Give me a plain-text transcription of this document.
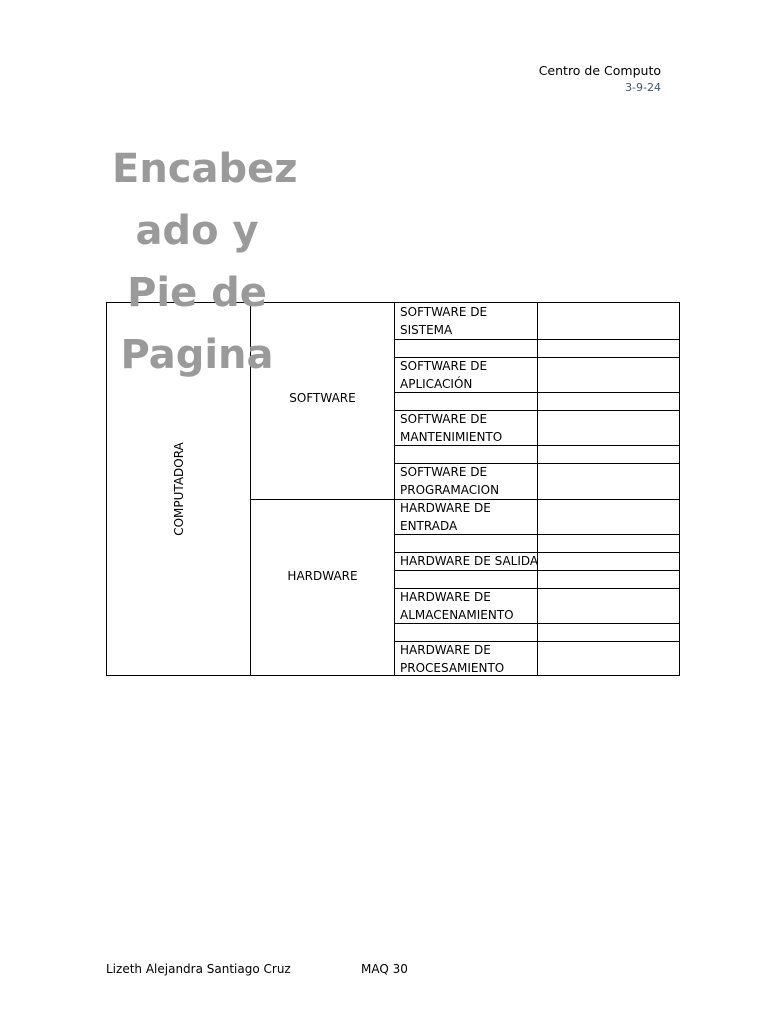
Centro de Computo
3-9-24
Encabez
ado y
Pie de
Pagina
COMPUTADORA
SOFTWARE
HARDWARE
SOFTWARE DE
SISTEMA
SOFTWARE DE
APLICACIÓN
SOFTWARE DE
MANTENIMIENTO
SOFTWARE DE
PROGRAMACION
HARDWARE DE
ENTRADA
HARDWARE DE SALIDA
HARDWARE DE
ALMACENAMIENTO
HARDWARE DE
PROCESAMIENTO
Lizeth Alejandra Santiago Cruz	MAQ 30
